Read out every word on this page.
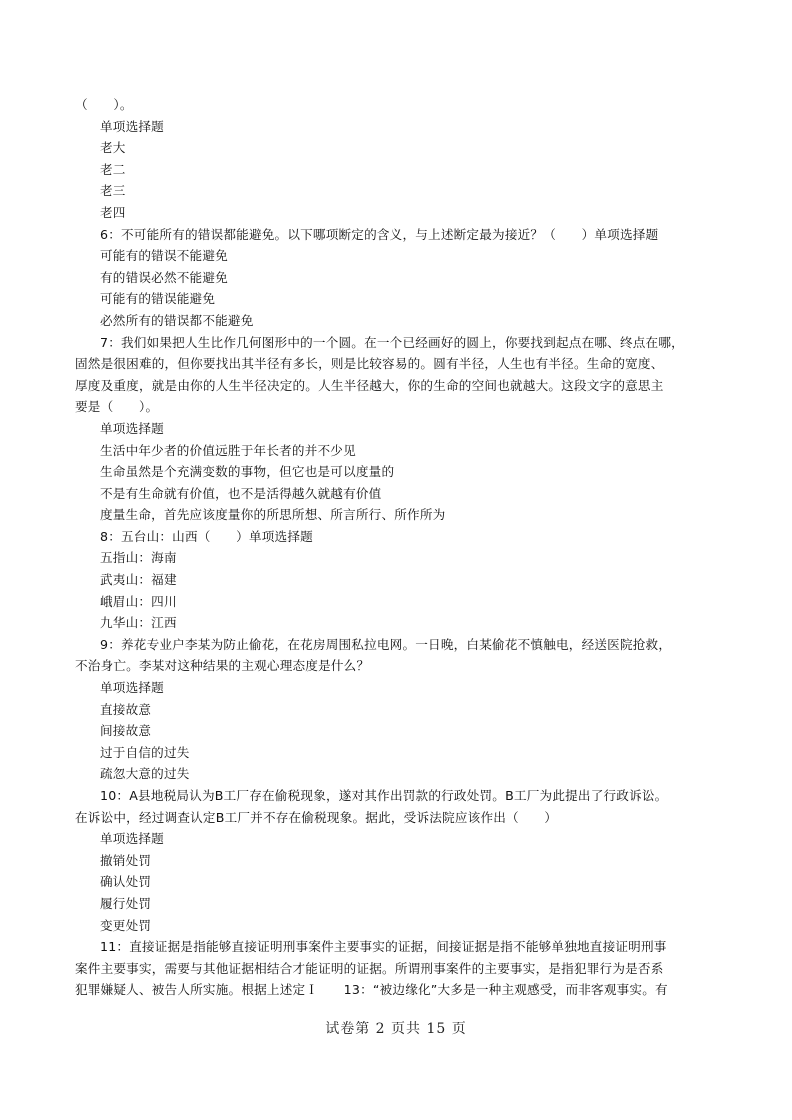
（　　）。
单项选择题
老大
老二
老三
老四
6：不可能所有的错误都能避免。以下哪项断定的含义，与上述断定最为接近？（　　）单项选择题
可能有的错误不能避免
有的错误必然不能避免
可能有的错误能避免
必然所有的错误都不能避免
7：我们如果把人生比作几何图形中的一个圆。在一个已经画好的圆上，你要找到起点在哪、终点在哪，
固然是很困难的，但你要找出其半径有多长，则是比较容易的。圆有半径，人生也有半径。生命的宽度、
厚度及重度，就是由你的人生半径决定的。人生半径越大，你的生命的空间也就越大。这段文字的意思主
要是（　　）。
单项选择题
生活中年少者的价值远胜于年长者的并不少见
生命虽然是个充满变数的事物，但它也是可以度量的
不是有生命就有价值，也不是活得越久就越有价值
度量生命，首先应该度量你的所思所想、所言所行、所作所为
8：五台山：山西（　　）单项选择题
五指山：海南
武夷山：福建
峨眉山：四川
九华山：江西
9：养花专业户李某为防止偷花，在花房周围私拉电网。一日晚，白某偷花不慎触电，经送医院抢救，
不治身亡。李某对这种结果的主观心理态度是什么？
单项选择题
直接故意
间接故意
过于自信的过失
疏忽大意的过失
10：A县地税局认为B工厂存在偷税现象，遂对其作出罚款的行政处罚。B工厂为此提出了行政诉讼。
在诉讼中，经过调查认定B工厂并不存在偷税现象。据此，受诉法院应该作出（　　）
单项选择题
撤销处罚
确认处罚
履行处罚
变更处罚
11：直接证据是指能够直接证明刑事案件主要事实的证据，间接证据是指不能够单独地直接证明刑事
案件主要事实，需要与其他证据相结合才能证明的证据。所谓刑事案件的主要事实，是指犯罪行为是否系
犯罪嫌疑人、被告人所实施。根据上述定Ｉ　　13：“被边缘化”大多是一种主观感受，而非客观事实。有
试卷第 2 页共 15 页
